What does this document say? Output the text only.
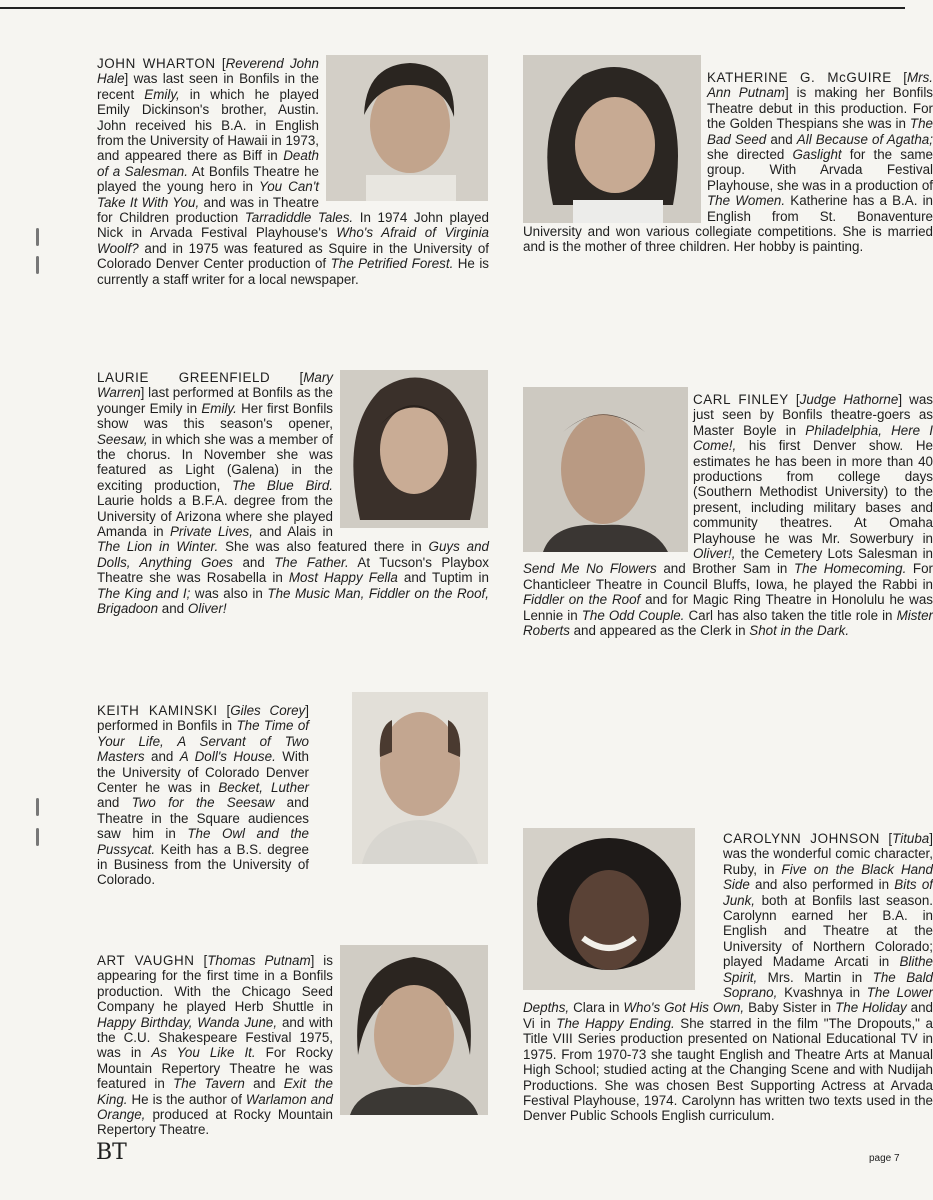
JOHN WHARTON [Reverend John Hale] was last seen in Bonfils in the recent Emily, in which he played Emily Dickinson's brother, Austin. John received his B.A. in English from the University of Hawaii in 1973, and appeared there as Biff in Death of a Salesman. At Bonfils Theatre he played the young hero in You Can't Take It With You, and was in Theatre for Children production Tarradiddle Tales. In 1974 John played Nick in Arvada Festival Playhouse's Who's Afraid of Virginia Woolf? and in 1975 was featured as Squire in the University of Colorado Denver Center production of The Petrified Forest. He is currently a staff writer for a local newspaper.
KATHERINE G. McGUIRE [Mrs. Ann Putnam] is making her Bonfils Theatre debut in this production. For the Golden Thespians she was in The Bad Seed and All Because of Agatha; she directed Gaslight for the same group. With Arvada Festival Playhouse, she was in a production of The Women. Katherine has a B.A. in English from St. Bonaventure University and won various collegiate competitions. She is married and is the mother of three children. Her hobby is painting.
LAURIE GREENFIELD [Mary Warren] last performed at Bonfils as the younger Emily in Emily. Her first Bonfils show was this season's opener, Seesaw, in which she was a member of the chorus. In November she was featured as Light (Galena) in the exciting production, The Blue Bird. Laurie holds a B.F.A. degree from the University of Arizona where she played Amanda in Private Lives, and Alais in The Lion in Winter. She was also featured there in Guys and Dolls, Anything Goes and The Father. At Tucson's Playbox Theatre she was Rosabella in Most Happy Fella and Tuptim in The King and I; was also in The Music Man, Fiddler on the Roof, Brigadoon and Oliver!
CARL FINLEY [Judge Hathorne] was just seen by Bonfils theatre-goers as Master Boyle in Philadelphia, Here I Come!, his first Denver show. He estimates he has been in more than 40 productions from college days (Southern Methodist University) to the present, including military bases and community theatres. At Omaha Playhouse he was Mr. Sowerbury in Oliver!, the Cemetery Lots Salesman in Send Me No Flowers and Brother Sam in The Homecoming. For Chanticleer Theatre in Council Bluffs, Iowa, he played the Rabbi in Fiddler on the Roof and for Magic Ring Theatre in Honolulu he was Lennie in The Odd Couple. Carl has also taken the title role in Mister Roberts and appeared as the Clerk in Shot in the Dark.
KEITH KAMINSKI [Giles Corey] performed in Bonfils in The Time of Your Life, A Servant of Two Masters and A Doll's House. With the University of Colorado Denver Center he was in Becket, Luther and Two for the Seesaw and Theatre in the Square audiences saw him in The Owl and the Pussycat. Keith has a B.S. degree in Business from the University of Colorado.
CAROLYNN JOHNSON [Tituba] was the wonderful comic character, Ruby, in Five on the Black Hand Side and also performed in Bits of Junk, both at Bonfils last season. Carolynn earned her B.A. in English and Theatre at the University of Northern Colorado; played Madame Arcati in Blithe Spirit, Mrs. Martin in The Bald Soprano, Kvashnya in The Lower Depths, Clara in Who's Got His Own, Baby Sister in The Holiday and Vi in The Happy Ending. She starred in the film "The Dropouts," a Title VIII Series production presented on National Educational TV in 1975. From 1970-73 she taught English and Theatre Arts at Manual High School; studied acting at the Changing Scene and with Nudijah Productions. She was chosen Best Supporting Actress at Arvada Festival Playhouse, 1974. Carolynn has written two texts used in the Denver Public Schools English curriculum.
ART VAUGHN [Thomas Putnam] is appearing for the first time in a Bonfils production. With the Chicago Seed Company he played Herb Shuttle in Happy Birthday, Wanda June, and with the C.U. Shakespeare Festival 1975, was in As You Like It. For Rocky Mountain Repertory Theatre he was featured in The Tavern and Exit the King. He is the author of Warlamon and Orange, produced at Rocky Mountain Repertory Theatre.
BT	page 7
